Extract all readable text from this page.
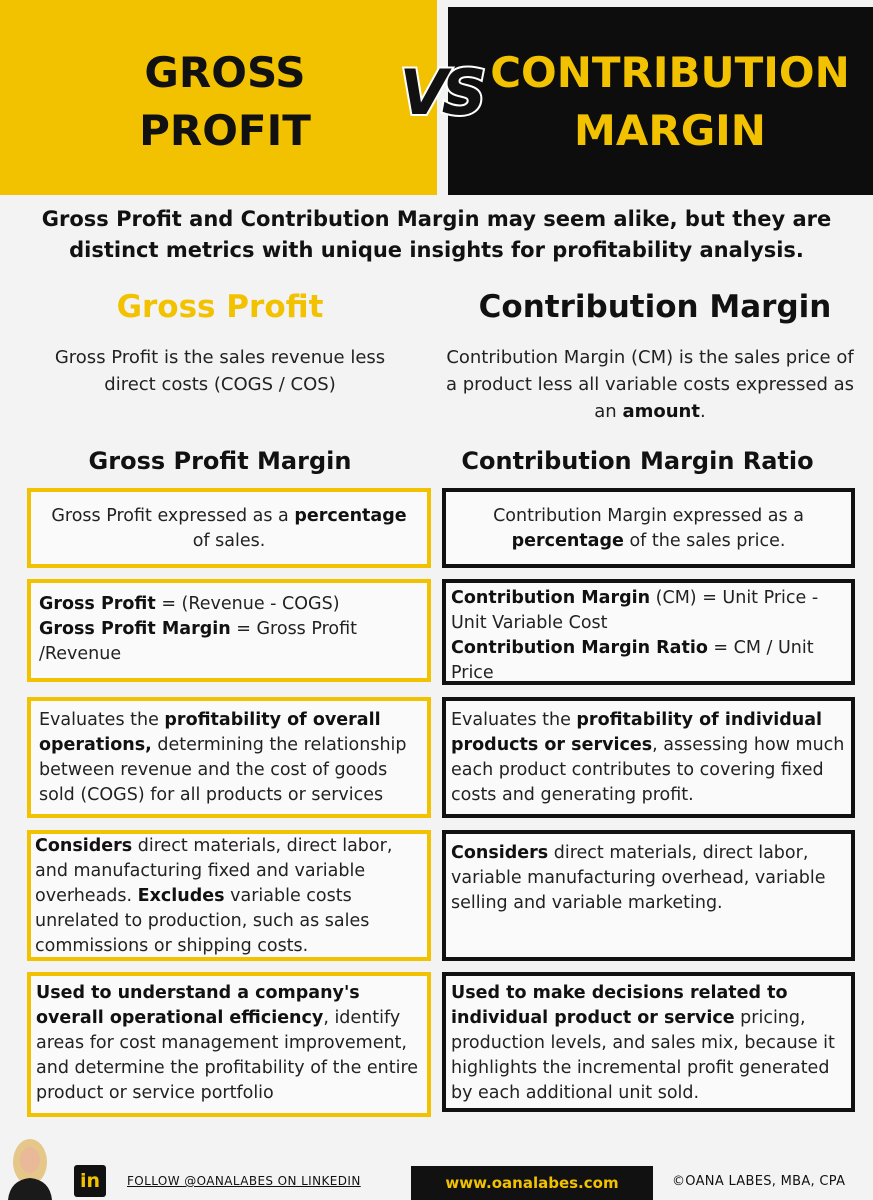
GROSS
PROFIT
CONTRIBUTION
MARGIN
VS
Gross Profit and Contribution Margin may seem alike, but they are distinct metrics with unique insights for profitability analysis.
Gross Profit	Contribution Margin
Gross Profit is the sales revenue less direct costs (COGS / COS)
Contribution Margin (CM) is the sales price of a product less all variable costs expressed as an amount.
Gross Profit Margin	Contribution Margin Ratio
Gross Profit expressed as a percentage of sales.
Contribution Margin expressed as a percentage of the sales price.
Gross Profit = (Revenue - COGS)
Gross Profit Margin = Gross Profit /Revenue
Contribution Margin (CM) = Unit Price - Unit Variable Cost
Contribution Margin Ratio = CM / Unit Price
Evaluates the profitability of overall operations, determining the relationship between revenue and the cost of goods sold (COGS) for all products or services
Evaluates the profitability of individual products or services, assessing how much each product contributes to covering fixed costs and generating profit.
Considers direct materials, direct labor, and manufacturing fixed and variable overheads. Excludes variable costs unrelated to production, such as sales commissions or shipping costs.
Considers direct materials, direct labor, variable manufacturing overhead, variable selling and variable marketing.
Used to understand a company's overall operational efficiency, identify areas for cost management improvement, and determine the profitability of the entire product or service portfolio
Used to make decisions related to individual product or service pricing, production levels, and sales mix, because it highlights the incremental profit generated by each additional unit sold.
in	FOLLOW @OANALABES ON LINKEDIN	www.oanalabes.com	©OANA LABES, MBA, CPA
